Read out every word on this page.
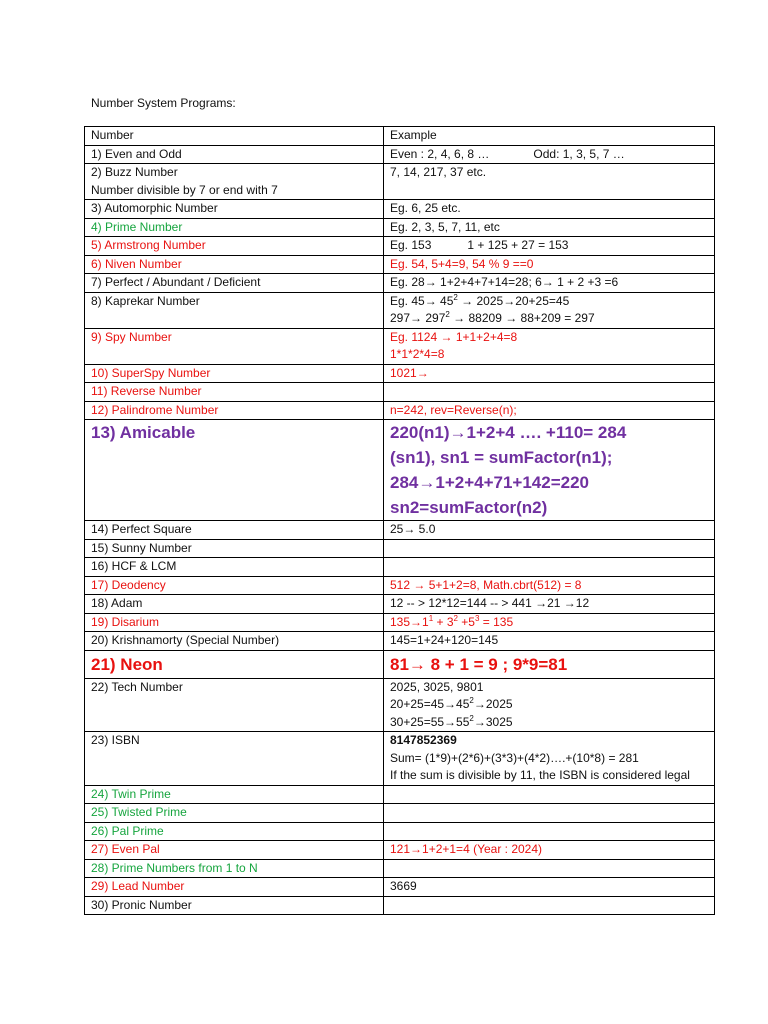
Number System Programs:
Number	Example
1) Even and Odd	Even : 2, 4, 6, 8 … Odd: 1, 3, 5, 7 …

2) Buzz Number
Number divisible by 7 or end with 7	7, 14, 217, 37 etc.
3) Automorphic Number	Eg. 6, 25 etc.
4) Prime Number	Eg. 2, 3, 5, 7, 11, etc
5) Armstrong Number	Eg. 153 1 + 125 + 27 = 153
6) Niven Number	Eg. 54, 5+4=9, 54 % 9 ==0
7) Perfect / Abundant / Deficient	Eg. 28→ 1+2+4+7+14=28; 6→ 1 + 2 +3 =6
8) Kaprekar Number	Eg. $45\to 45^2 \to 2025\to 20+25=45$
$297\to 297^2 \to 88209 \to 88+209 = 297$

9) Spy Number	Eg. 1124 → 1+1+2+4=8
1*1*2*4=8

10) SuperSpy Number	1021→
11) Reverse Number	
12) Palindrome Number	n=242, rev=Reverse(n);
13) Amicable	220(n1)→1+2+4 …. +110= 284
(sn1), sn1 = sumFactor(n1);
284→1+2+4+71+142=220
sn2=sumFactor(n2)

14) Perfect Square	25→ 5.0
15) Sunny Number	
16) HCF & LCM	
17) Deodency	512 → 5+1+2=8, Math.cbrt(512) = 8
18) Adam	12 -- > 12*12=144 -- > 441 →21 →12
19) Disarium	$135\to 1^1 + 3^2 +5^3 = 135$
20) Krishnamorty (Special Number)	145=1+24+120=145
21) Neon	81→ 8 + 1 = 9 ; 9*9=81
22) Tech Number	2025, 3025, 9801
$20+25=45\to 45^2\to 2025$
$30+25=55\to 55^2\to 3025$

23) ISBN	8147852369
Sum= (1*9)+(2*6)+(3*3)+(4*2)….+(10*8) = 281
If the sum is divisible by 11, the ISBN is considered legal

24) Twin Prime	
25) Twisted Prime	
26) Pal Prime	
27) Even Pal	121→1+2+1=4 (Year : 2024)
28) Prime Numbers from 1 to N	
29) Lead Number	3669
30) Pronic Number	
